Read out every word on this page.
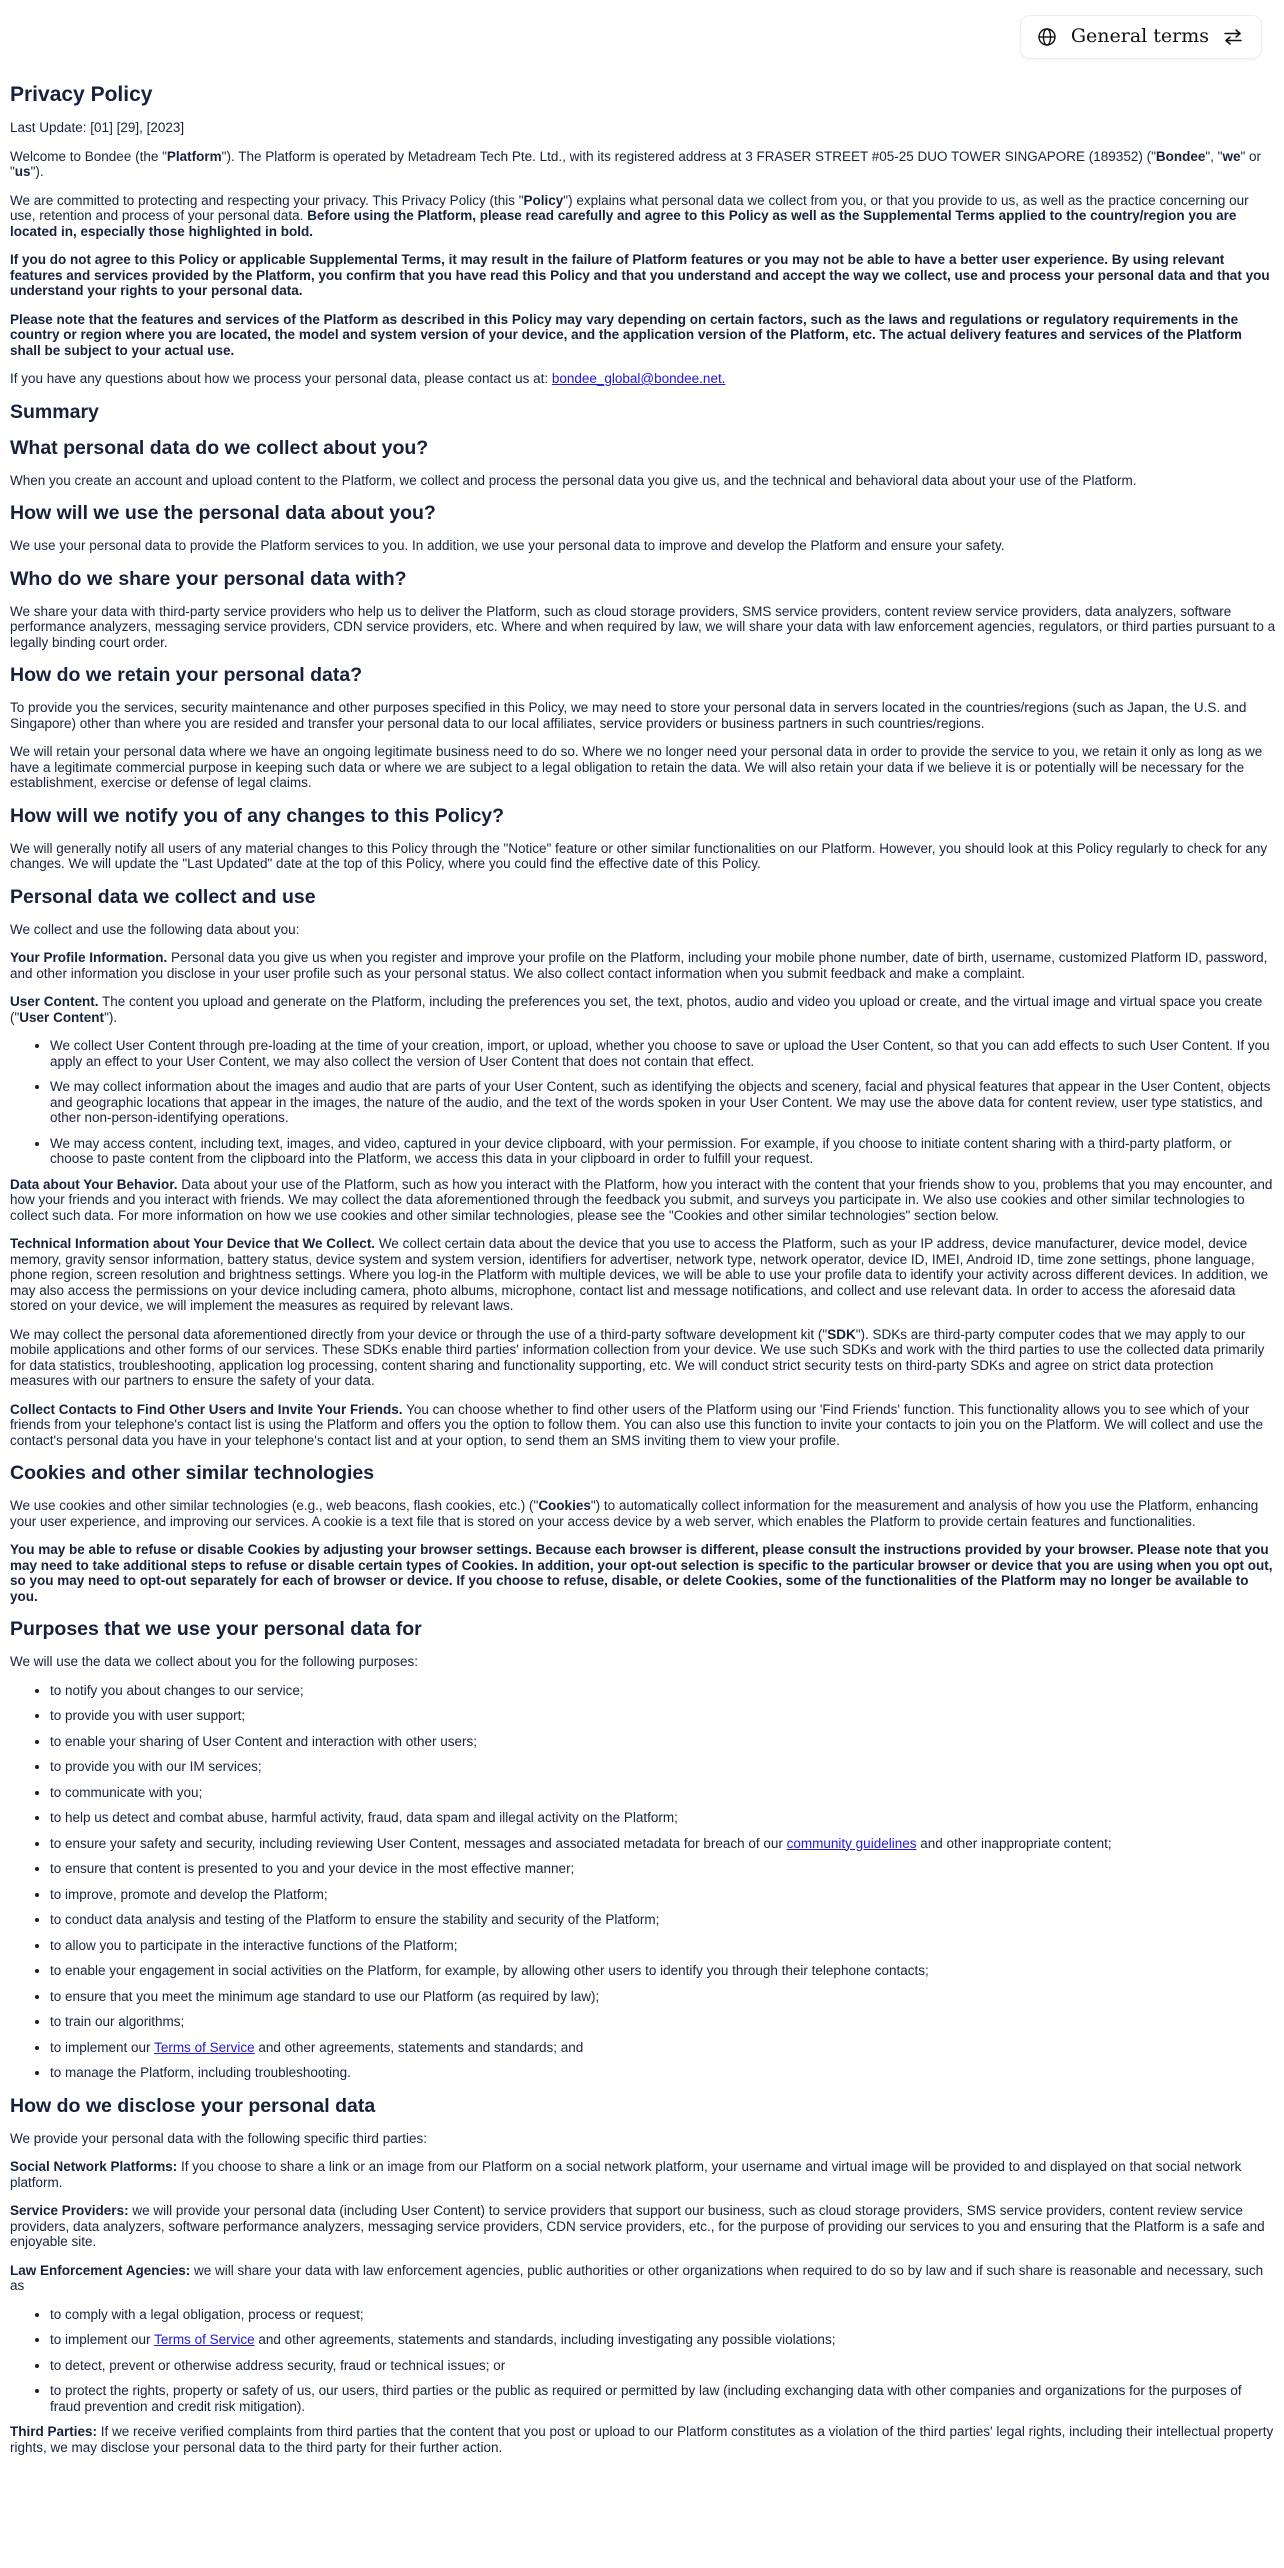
General terms
Privacy Policy

Last Update: [01] [29], [2023]

Welcome to Bondee (the "Platform"). The Platform is operated by Metadream Tech Pte. Ltd., with its registered address at 3 FRASER STREET #05-25 DUO TOWER SINGAPORE (189352) ("Bondee", "we" or "us").

We are committed to protecting and respecting your privacy. This Privacy Policy (this "Policy") explains what personal data we collect from you, or that you provide to us, as well as the practice concerning our use, retention and process of your personal data. Before using the Platform, please read carefully and agree to this Policy as well as the Supplemental Terms applied to the country/region you are located in, especially those highlighted in bold.

If you do not agree to this Policy or applicable Supplemental Terms, it may result in the failure of Platform features or you may not be able to have a better user experience. By using relevant features and services provided by the Platform, you confirm that you have read this Policy and that you understand and accept the way we collect, use and process your personal data and that you understand your rights to your personal data.

Please note that the features and services of the Platform as described in this Policy may vary depending on certain factors, such as the laws and regulations or regulatory requirements in the country or region where you are located, the model and system version of your device, and the application version of the Platform, etc. The actual delivery features and services of the Platform shall be subject to your actual use.

If you have any questions about how we process your personal data, please contact us at: bondee_global@bondee.net.

Summary
What personal data do we collect about you?

When you create an account and upload content to the Platform, we collect and process the personal data you give us, and the technical and behavioral data about your use of the Platform.

How will we use the personal data about you?

We use your personal data to provide the Platform services to you. In addition, we use your personal data to improve and develop the Platform and ensure your safety.

Who do we share your personal data with?

We share your data with third-party service providers who help us to deliver the Platform, such as cloud storage providers, SMS service providers, content review service providers, data analyzers, software performance analyzers, messaging service providers, CDN service providers, etc. Where and when required by law, we will share your data with law enforcement agencies, regulators, or third parties pursuant to a legally binding court order.

How do we retain your personal data?

To provide you the services, security maintenance and other purposes specified in this Policy, we may need to store your personal data in servers located in the countries/regions (such as Japan, the U.S. and Singapore) other than where you are resided and transfer your personal data to our local affiliates, service providers or business partners in such countries/regions.

We will retain your personal data where we have an ongoing legitimate business need to do so. Where we no longer need your personal data in order to provide the service to you, we retain it only as long as we have a legitimate commercial purpose in keeping such data or where we are subject to a legal obligation to retain the data. We will also retain your data if we believe it is or potentially will be necessary for the establishment, exercise or defense of legal claims.

How will we notify you of any changes to this Policy?

We will generally notify all users of any material changes to this Policy through the "Notice" feature or other similar functionalities on our Platform. However, you should look at this Policy regularly to check for any changes. We will update the "Last Updated" date at the top of this Policy, where you could find the effective date of this Policy.

Personal data we collect and use

We collect and use the following data about you:

Your Profile Information. Personal data you give us when you register and improve your profile on the Platform, including your mobile phone number, date of birth, username, customized Platform ID, password, and other information you disclose in your user profile such as your personal status. We also collect contact information when you submit feedback and make a complaint.

User Content. The content you upload and generate on the Platform, including the preferences you set, the text, photos, audio and video you upload or create, and the virtual image and virtual space you create ("User Content").

• We collect User Content through pre-loading at the time of your creation, import, or upload, whether you choose to save or upload the User Content, so that you can add effects to such User Content. If you apply an effect to your User Content, we may also collect the version of User Content that does not contain that effect.
• We may collect information about the images and audio that are parts of your User Content, such as identifying the objects and scenery, facial and physical features that appear in the User Content, objects and geographic locations that appear in the images, the nature of the audio, and the text of the words spoken in your User Content. We may use the above data for content review, user type statistics, and other non-person-identifying operations.
• We may access content, including text, images, and video, captured in your device clipboard, with your permission. For example, if you choose to initiate content sharing with a third-party platform, or choose to paste content from the clipboard into the Platform, we access this data in your clipboard in order to fulfill your request.

Data about Your Behavior. Data about your use of the Platform, such as how you interact with the Platform, how you interact with the content that your friends show to you, problems that you may encounter, and how your friends and you interact with friends. We may collect the data aforementioned through the feedback you submit, and surveys you participate in. We also use cookies and other similar technologies to collect such data. For more information on how we use cookies and other similar technologies, please see the "Cookies and other similar technologies" section below.

Technical Information about Your Device that We Collect. We collect certain data about the device that you use to access the Platform, such as your IP address, device manufacturer, device model, device memory, gravity sensor information, battery status, device system and system version, identifiers for advertiser, network type, network operator, device ID, IMEI, Android ID, time zone settings, phone language, phone region, screen resolution and brightness settings. Where you log-in the Platform with multiple devices, we will be able to use your profile data to identify your activity across different devices. In addition, we may also access the permissions on your device including camera, photo albums, microphone, contact list and message notifications, and collect and use relevant data. In order to access the aforesaid data stored on your device, we will implement the measures as required by relevant laws.

We may collect the personal data aforementioned directly from your device or through the use of a third-party software development kit ("SDK"). SDKs are third-party computer codes that we may apply to our mobile applications and other forms of our services. These SDKs enable third parties' information collection from your device. We use such SDKs and work with the third parties to use the collected data primarily for data statistics, troubleshooting, application log processing, content sharing and functionality supporting, etc. We will conduct strict security tests on third-party SDKs and agree on strict data protection measures with our partners to ensure the safety of your data.

Collect Contacts to Find Other Users and Invite Your Friends. You can choose whether to find other users of the Platform using our 'Find Friends' function. This functionality allows you to see which of your friends from your telephone's contact list is using the Platform and offers you the option to follow them. You can also use this function to invite your contacts to join you on the Platform. We will collect and use the contact's personal data you have in your telephone's contact list and at your option, to send them an SMS inviting them to view your profile.

Cookies and other similar technologies

We use cookies and other similar technologies (e.g., web beacons, flash cookies, etc.) ("Cookies") to automatically collect information for the measurement and analysis of how you use the Platform, enhancing your user experience, and improving our services. A cookie is a text file that is stored on your access device by a web server, which enables the Platform to provide certain features and functionalities.

You may be able to refuse or disable Cookies by adjusting your browser settings. Because each browser is different, please consult the instructions provided by your browser. Please note that you may need to take additional steps to refuse or disable certain types of Cookies. In addition, your opt-out selection is specific to the particular browser or device that you are using when you opt out, so you may need to opt-out separately for each of browser or device. If you choose to refuse, disable, or delete Cookies, some of the functionalities of the Platform may no longer be available to you.

Purposes that we use your personal data for

We will use the data we collect about you for the following purposes:

• to notify you about changes to our service;
• to provide you with user support;
• to enable your sharing of User Content and interaction with other users;
• to provide you with our IM services;
• to communicate with you;
• to help us detect and combat abuse, harmful activity, fraud, data spam and illegal activity on the Platform;
• to ensure your safety and security, including reviewing User Content, messages and associated metadata for breach of our community guidelines and other inappropriate content;
• to ensure that content is presented to you and your device in the most effective manner;
• to improve, promote and develop the Platform;
• to conduct data analysis and testing of the Platform to ensure the stability and security of the Platform;
• to allow you to participate in the interactive functions of the Platform;
• to enable your engagement in social activities on the Platform, for example, by allowing other users to identify you through their telephone contacts;
• to ensure that you meet the minimum age standard to use our Platform (as required by law);
• to train our algorithms;
• to implement our Terms of Service and other agreements, statements and standards; and
• to manage the Platform, including troubleshooting.
How do we disclose your personal data

We provide your personal data with the following specific third parties:

Social Network Platforms: If you choose to share a link or an image from our Platform on a social network platform, your username and virtual image will be provided to and displayed on that social network platform.

Service Providers: we will provide your personal data (including User Content) to service providers that support our business, such as cloud storage providers, SMS service providers, content review service providers, data analyzers, software performance analyzers, messaging service providers, CDN service providers, etc., for the purpose of providing our services to you and ensuring that the Platform is a safe and enjoyable site.

Law Enforcement Agencies: we will share your data with law enforcement agencies, public authorities or other organizations when required to do so by law and if such share is reasonable and necessary, such as

• to comply with a legal obligation, process or request;
• to implement our Terms of Service and other agreements, statements and standards, including investigating any possible violations;
• to detect, prevent or otherwise address security, fraud or technical issues; or
• to protect the rights, property or safety of us, our users, third parties or the public as required or permitted by law (including exchanging data with other companies and organizations for the purposes of fraud prevention and credit risk mitigation).

Third Parties: If we receive verified complaints from third parties that the content that you post or upload to our Platform constitutes as a violation of the third parties' legal rights, including their intellectual property rights, we may disclose your personal data to the third party for their further action.
